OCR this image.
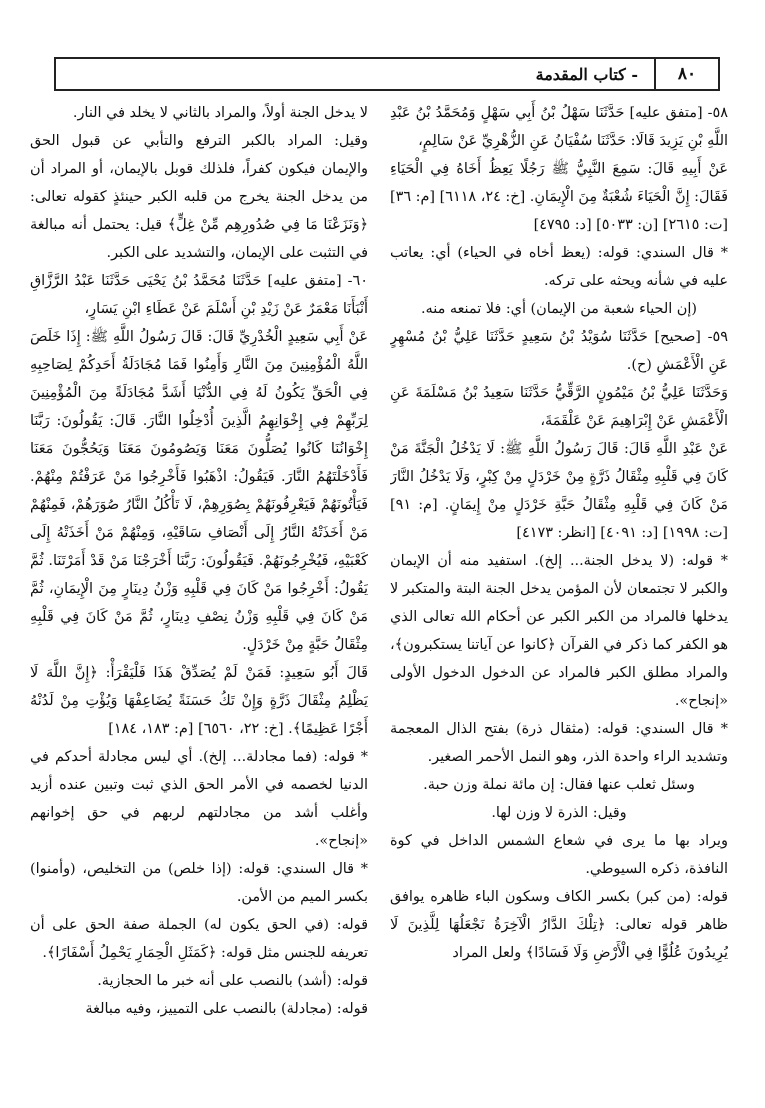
٨٠
- كتاب المقدمة

٥٨- [متفق عليه] حَدَّثَنَا سَهْلُ بْنُ أَبِي سَهْلٍ وَمُحَمَّدُ بْنُ عَبْدِ اللَّهِ بْنِ يَزِيدَ قَالَا: حَدَّثَنَا سُفْيَانُ عَنِ الزُّهْرِيِّ عَنْ سَالِمٍ،

عَنْ أَبِيهِ قَالَ: سَمِعَ النَّبِيُّ ﷺ رَجُلًا يَعِظُ أَخَاهُ فِي الْحَيَاءِ فَقَالَ: إِنَّ الْحَيَاءَ شُعْبَةٌ مِنَ الْإِيمَانِ. [خ: ٢٤، ٦١١٨] [م: ٣٦] [ت: ٢٦١٥] [ن: ٥٠٣٣] [د: ٤٧٩٥]

* قال السندي: قوله: (يعظ أخاه في الحياء) أي: يعاتب عليه في شأنه ويحثه على تركه.

(إن الحياء شعبة من الإيمان) أي: فلا تمنعه منه.

٥٩- [صحيح] حَدَّثَنَا سُوَيْدُ بْنُ سَعِيدٍ حَدَّثَنَا عَلِيُّ بْنُ مُسْهِرٍ عَنِ الْأَعْمَشِ (ح).

وَحَدَّثَنَا عَلِيُّ بْنُ مَيْمُونٍ الرَّقِّيُّ حَدَّثَنَا سَعِيدُ بْنُ مَسْلَمَةَ عَنِ الْأَعْمَشِ عَنْ إِبْرَاهِيمَ عَنْ عَلْقَمَةَ،

عَنْ عَبْدِ اللَّهِ قَالَ: قَالَ رَسُولُ اللَّهِ ﷺ: لَا يَدْخُلُ الْجَنَّةَ مَنْ كَانَ فِي قَلْبِهِ مِثْقَالُ ذَرَّةٍ مِنْ خَرْدَلٍ مِنْ كِبْرٍ، وَلَا يَدْخُلُ النَّارَ مَنْ كَانَ فِي قَلْبِهِ مِثْقَالُ حَبَّةِ خَرْدَلٍ مِنْ إِيمَانٍ. [م: ٩١] [ت: ١٩٩٨] [د: ٤٠٩١] [انظر: ٤١٧٣]

* قوله: (لا يدخل الجنة... إلخ). استفيد منه أن الإيمان والكبر لا تجتمعان لأن المؤمن يدخل الجنة البتة والمتكبر لا يدخلها فالمراد من الكبر الكبر عن أحكام الله تعالى الذي هو الكفر كما ذكر في القرآن ﴿كانوا عن آياتنا يستكبرون﴾، والمراد مطلق الكبر فالمراد عن الدخول الدخول الأولى «إنجاح».

* قال السندي: قوله: (مثقال ذرة) بفتح الذال المعجمة وتشديد الراء واحدة الذر، وهو النمل الأحمر الصغير.

وسئل ثعلب عنها فقال: إن مائة نملة وزن حبة.

وقيل: الذرة لا وزن لها.

ويراد بها ما يرى في شعاع الشمس الداخل في كوة النافذة، ذكره السيوطي.

قوله: (من كبر) بكسر الكاف وسكون الباء ظاهره يوافق ظاهر قوله تعالى: ﴿تِلْكَ الدَّارُ الْآخِرَةُ نَجْعَلُهَا لِلَّذِينَ لَا يُرِيدُونَ عُلُوًّا فِي الْأَرْضِ وَلَا فَسَادًا﴾ ولعل المراد

لا يدخل الجنة أولاً، والمراد بالثاني لا يخلد في النار.

وقيل: المراد بالكبر الترفع والتأبي عن قبول الحق والإيمان فيكون كفراً، فلذلك قوبل بالإيمان، أو المراد أن من يدخل الجنة يخرج من قلبه الكبر حينئذٍ كقوله تعالى: ﴿وَنَزَعْنَا مَا فِي صُدُورِهِم مِّنْ غِلٍّ﴾ قيل: يحتمل أنه مبالغة في التثبت على الإيمان، والتشديد على الكبر.

٦٠- [متفق عليه] حَدَّثَنَا مُحَمَّدُ بْنُ يَحْيَى حَدَّثَنَا عَبْدُ الرَّزَّاقِ أَنْبَأَنَا مَعْمَرٌ عَنْ زَيْدِ بْنِ أَسْلَمَ عَنْ عَطَاءِ ابْنِ يَسَارٍ،

عَنْ أَبِي سَعِيدٍ الْخُدْرِيِّ قَالَ: قَالَ رَسُولُ اللَّهِ ﷺ: إِذَا خَلَصَ اللَّهُ الْمُؤْمِنِينَ مِنَ النَّارِ وَأَمِنُوا فَمَا مُجَادَلَةُ أَحَدِكُمْ لِصَاحِبِهِ فِي الْحَقِّ يَكُونُ لَهُ فِي الدُّنْيَا أَشَدَّ مُجَادَلَةً مِنَ الْمُؤْمِنِينَ لِرَبِّهِمْ فِي إِخْوَانِهِمُ الَّذِينَ أُدْخِلُوا النَّارَ. قَالَ: يَقُولُونَ: رَبَّنَا إِخْوَانُنَا كَانُوا يُصَلُّونَ مَعَنَا وَيَصُومُونَ مَعَنَا وَيَحُجُّونَ مَعَنَا فَأَدْخَلْتَهُمُ النَّارَ. فَيَقُولُ: اذْهَبُوا فَأَخْرِجُوا مَنْ عَرَفْتُمْ مِنْهُمْ. فَيَأْتُونَهُمْ فَيَعْرِفُونَهُمْ بِصُوَرِهِمْ، لَا تَأْكُلُ النَّارُ صُوَرَهُمْ، فَمِنْهُمْ مَنْ أَخَذَتْهُ النَّارُ إِلَى أَنْصَافِ سَاقَيْهِ، وَمِنْهُمْ مَنْ أَخَذَتْهُ إِلَى كَعْبَيْهِ، فَيُخْرِجُونَهُمْ. فَيَقُولُونَ: رَبَّنَا أَخْرَجْنَا مَنْ قَدْ أَمَرْتَنَا. ثُمَّ يَقُولُ: أَخْرِجُوا مَنْ كَانَ فِي قَلْبِهِ وَزْنُ دِينَارٍ مِنَ الْإِيمَانِ، ثُمَّ مَنْ كَانَ فِي قَلْبِهِ وَزْنُ نِصْفِ دِينَارٍ، ثُمَّ مَنْ كَانَ فِي قَلْبِهِ مِثْقَالُ حَبَّةٍ مِنْ خَرْدَلٍ.

قَالَ أَبُو سَعِيدٍ: فَمَنْ لَمْ يُصَدِّقْ هَذَا فَلْيَقْرَأْ: ﴿إِنَّ اللَّهَ لَا يَظْلِمُ مِثْقَالَ ذَرَّةٍ وَإِنْ تَكُ حَسَنَةً يُضَاعِفْهَا وَيُؤْتِ مِنْ لَدُنْهُ أَجْرًا عَظِيمًا﴾. [خ: ٢٢، ٦٥٦٠] [م: ١٨٣، ١٨٤]

* قوله: (فما مجادلة... إلخ). أي ليس مجادلة أحدكم في الدنيا لخصمه في الأمر الحق الذي ثبت وتبين عنده أزيد وأغلب أشد من مجادلتهم لربهم في حق إخوانهم «إنجاح».

* قال السندي: قوله: (إذا خلص) من التخليص، (وأمنوا) بكسر الميم من الأمن.

قوله: (في الحق يكون له) الجملة صفة الحق على أن تعريفه للجنس مثل قوله: ﴿كَمَثَلِ الْحِمَارِ يَحْمِلُ أَسْفَارًا﴾.

قوله: (أشد) بالنصب على أنه خبر ما الحجازية.

قوله: (مجادلة) بالنصب على التمييز، وفيه مبالغة
